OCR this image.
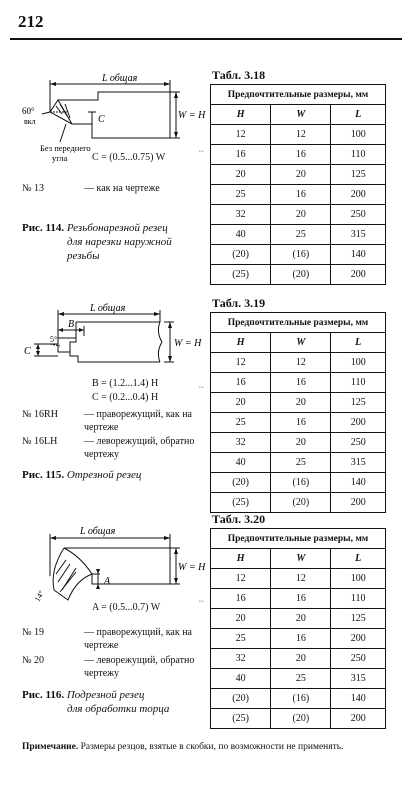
212
L общая
W = H
C
60°
вкл
Без переднего
угла C = (0.5...0.75) W
⁝
№ 13	— как на чертеже
Рис. 114. Резьбонарезной резец
для нарезки наружной
резьбы
Табл. 3.18
Предпочтительные размеры, мм		
H	W	L
12	12	100
16	16	110
20	20	125
25	16	200
32	20	250
40	25	315
(20)	(16)	140
(25)	(20)	200
L общая
B
W = H
C
5°
B = (1.2...1.4) H
C = (0.2...0.4) H
⁝
№ 16RH	— праворежущий, как на
чертеже
№ 16LH	— леворежущий, обратно
чертежу
Рис. 115. Отрезной резец
Табл. 3.19
Предпочтительные размеры, мм		
H	W	L
12	12	100
16	16	110
20	20	125
25	16	200
32	20	250
40	25	315
(20)	(16)	140
(25)	(20)	200
L общая
W = H
A
14°
A = (0.5...0.7) W
⁝
№ 19	— праворежущий, как на
чертеже
№ 20	— леворежущий, обратно
чертежу
Рис. 116. Подрезной резец
для обработки торца
Табл. 3.20
Предпочтительные размеры, мм		
H	W	L
12	12	100
16	16	110
20	20	125
25	16	200
32	20	250
40	25	315
(20)	(16)	140
(25)	(20)	200
Примечание. Размеры резцов, взятые в скобки, по возможности не применять.
